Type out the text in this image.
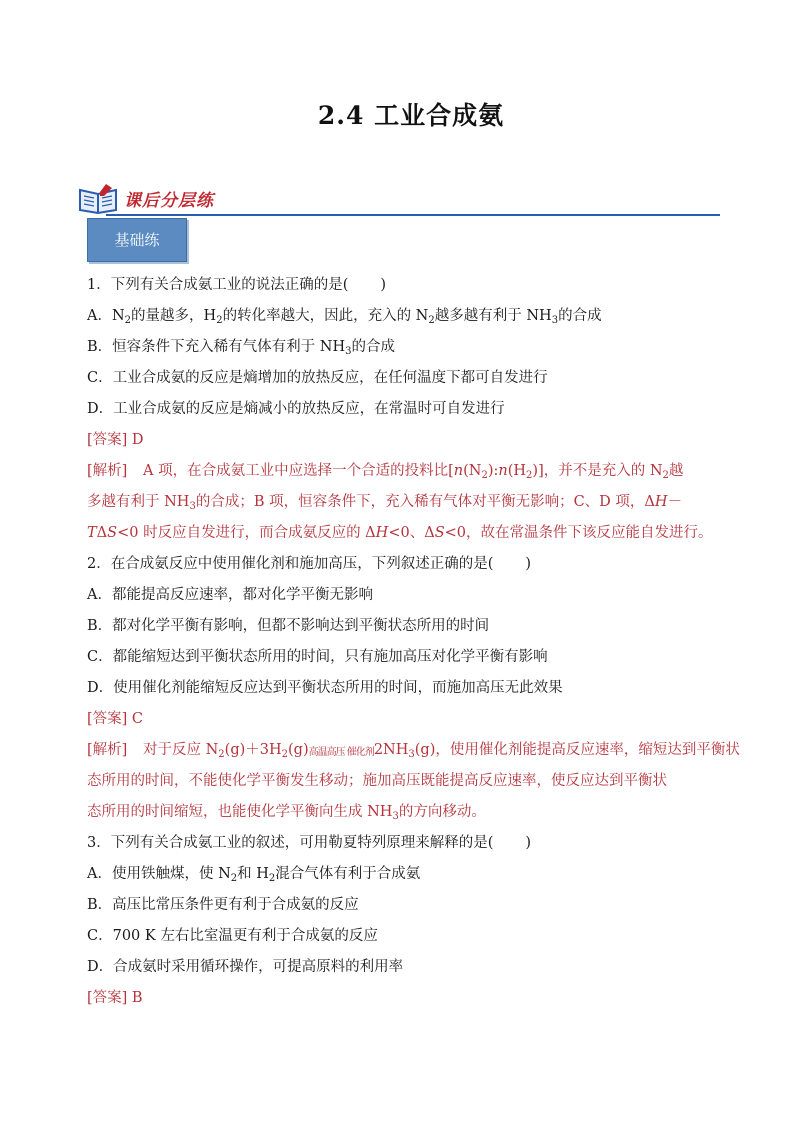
2.4 工业合成氨
课后分层练
基础练
1．下列有关合成氨工业的说法正确的是( )
A．$N_2$的量越多，$H_2$的转化率越大，因此，充入的 $N_2$越多越有利于 $NH_3$的合成
B．恒容条件下充入稀有气体有利于 $NH_3$的合成
C．工业合成氨的反应是熵增加的放热反应，在任何温度下都可自发进行
D．工业合成氨的反应是熵减小的放热反应，在常温时可自发进行
[答案] D
[解析] A 项，在合成氨工业中应选择一个合适的投料比$[n(N_2):n(H_2)]$，并不是充入的 $N_2$越
多越有利于 $NH_3$的合成；B 项，恒容条件下，充入稀有气体对平衡无影响；C、D 项，ΔH－
TΔS<0 时反应自发进行，而合成氨反应的 ΔH<0、ΔS<0，故在常温条件下该反应能自发进行。
2．在合成氨反应中使用催化剂和施加高压，下列叙述正确的是( )
A．都能提高反应速率，都对化学平衡无影响
B．都对化学平衡有影响，但都不影响达到平衡状态所用的时间
C．都能缩短达到平衡状态所用的时间，只有施加高压对化学平衡有影响
D．使用催化剂能缩短反应达到平衡状态所用的时间，而施加高压无此效果
[答案] C
[解析] 对于反应 $N_2(g)+3H_2(g)$高温高压 催化剂$2NH_3(g)$，使用催化剂能提高反应速率，缩短达到平衡状
态所用的时间，不能使化学平衡发生移动；施加高压既能提高反应速率，使反应达到平衡状
态所用的时间缩短，也能使化学平衡向生成 $NH_3$的方向移动。
3．下列有关合成氨工业的叙述，可用勒夏特列原理来解释的是( )
A．使用铁触煤，使 $N_2$和 $H_2$混合气体有利于合成氨
B．高压比常压条件更有利于合成氨的反应
C．700 K 左右比室温更有利于合成氨的反应
D．合成氨时采用循环操作，可提高原料的利用率
[答案] B
